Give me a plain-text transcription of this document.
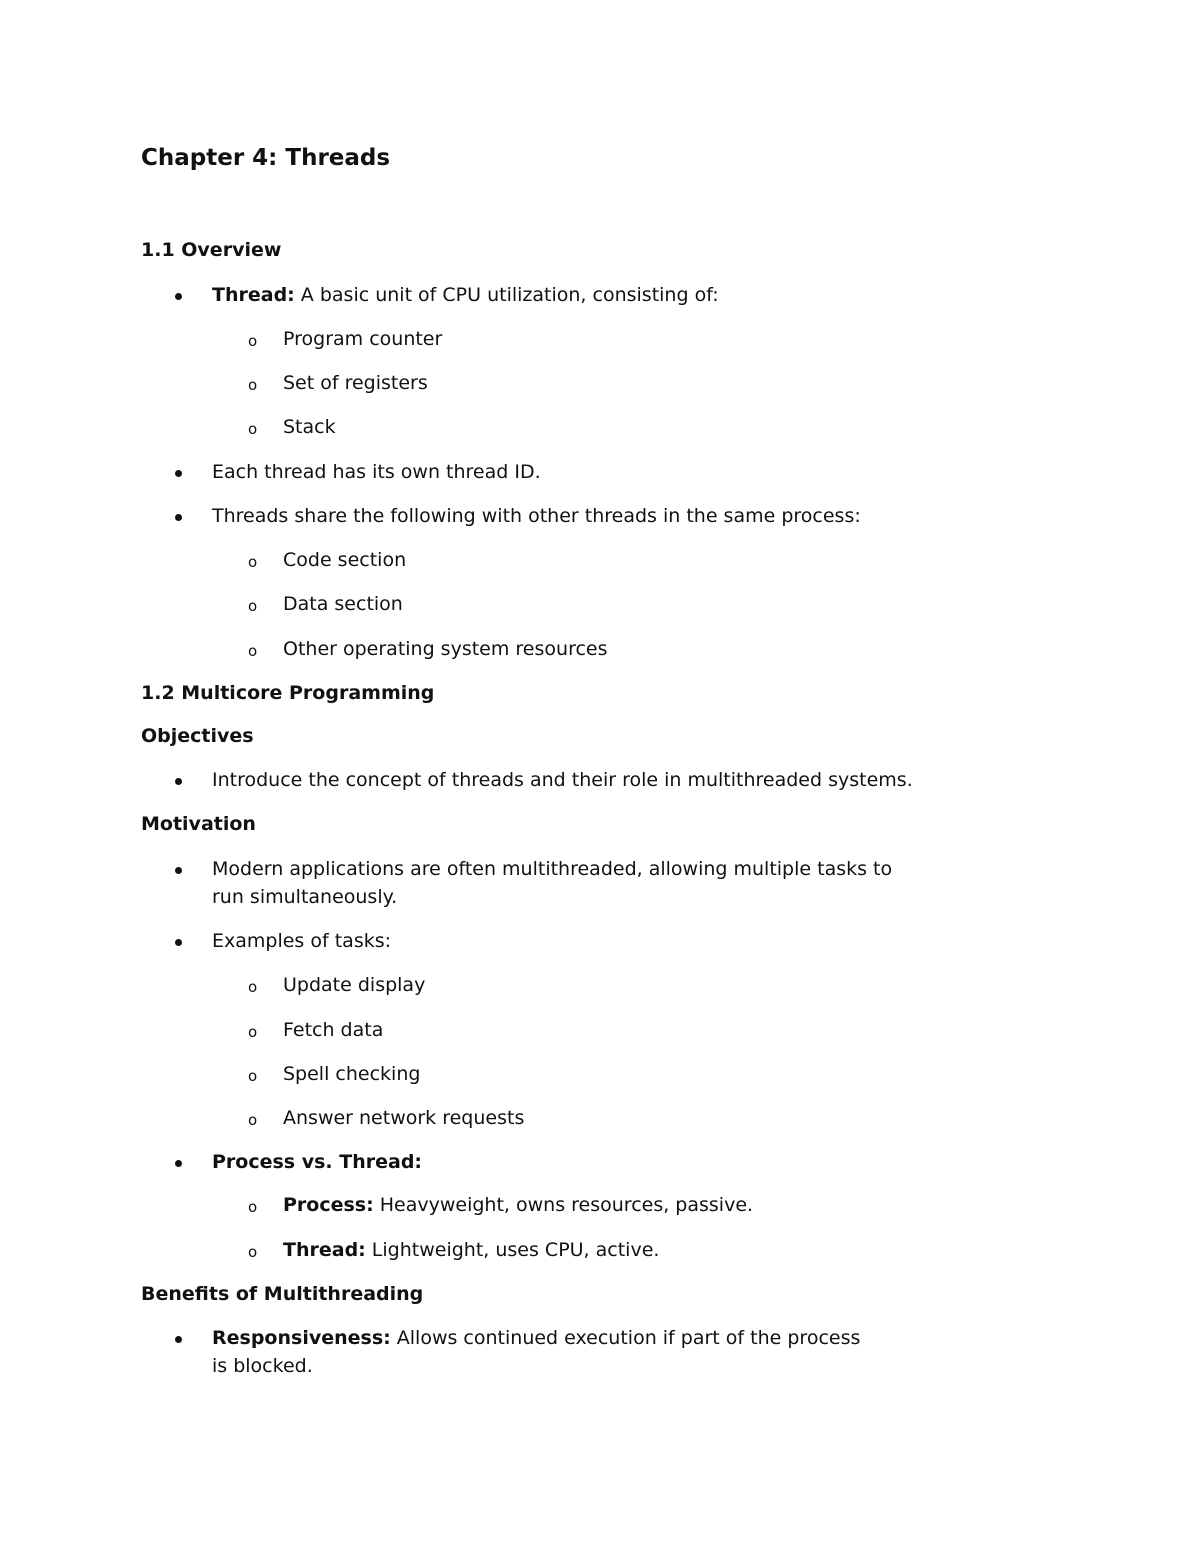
Chapter 4: Threads
1.1 Overview
Thread: A basic unit of CPU utilization, consisting of:
o Program counter
o Set of registers
o Stack
Each thread has its own thread ID.
Threads share the following with other threads in the same process:
o Code section
o Data section
o Other operating system resources
1.2 Multicore Programming
Objectives
Introduce the concept of threads and their role in multithreaded systems.
Motivation
Modern applications are often multithreaded, allowing multiple tasks to run simultaneously.
Examples of tasks:
o Update display
o Fetch data
o Spell checking
o Answer network requests
Process vs. Thread:
o Process: Heavyweight, owns resources, passive.
o Thread: Lightweight, uses CPU, active.
Benefits of Multithreading
Responsiveness: Allows continued execution if part of the process is blocked.
